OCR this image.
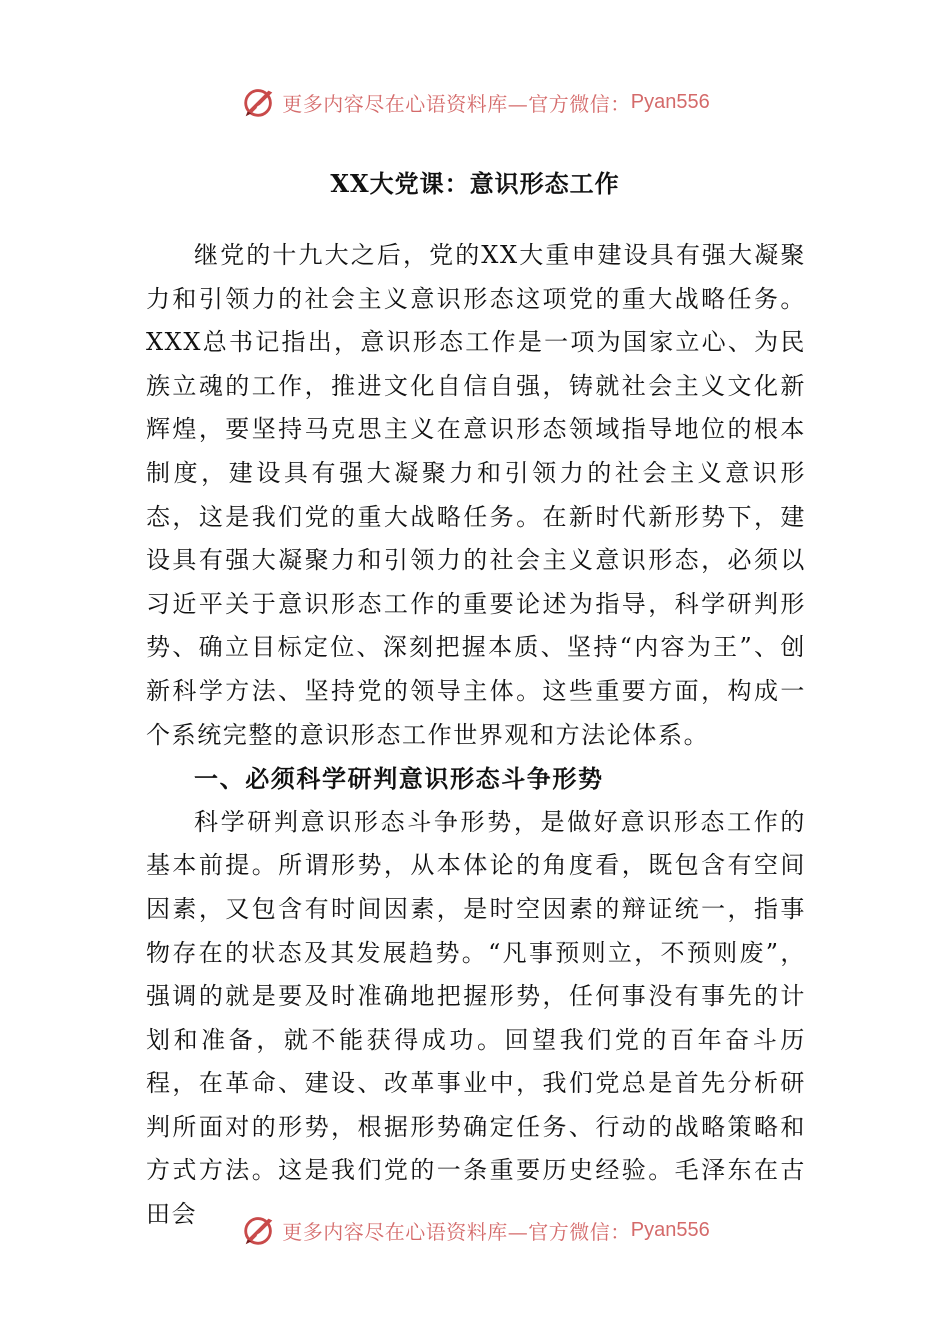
更多内容尽在心语资料库—官方微信： Pyan556
XX大党课：意识形态工作

继党的十九大之后，党的XX大重申建设具有强大凝聚力和引领力的社会主义意识形态这项党的重大战略任务。XXX总书记指出，意识形态工作是一项为国家立心、为民族立魂的工作，推进文化自信自强，铸就社会主义文化新辉煌，要坚持马克思主义在意识形态领域指导地位的根本制度，建设具有强大凝聚力和引领力的社会主义意识形态，这是我们党的重大战略任务。在新时代新形势下，建设具有强大凝聚力和引领力的社会主义意识形态，必须以习近平关于意识形态工作的重要论述为指导，科学研判形势、确立目标定位、深刻把握本质、坚持“内容为王”、创新科学方法、坚持党的领导主体。这些重要方面，构成一个系统完整的意识形态工作世界观和方法论体系。

一、必须科学研判意识形态斗争形势

科学研判意识形态斗争形势，是做好意识形态工作的基本前提。所谓形势，从本体论的角度看，既包含有空间因素，又包含有时间因素，是时空因素的辩证统一，指事物存在的状态及其发展趋势。“凡事预则立，不预则废”，强调的就是要及时准确地把握形势，任何事没有事先的计划和准备，就不能获得成功。回望我们党的百年奋斗历程，在革命、建设、改革事业中，我们党总是首先分析研判所面对的形势，根据形势确定任务、行动的战略策略和方式方法。这是我们党的一条重要历史经验。毛泽东在古田会

更多内容尽在心语资料库—官方微信： Pyan556
